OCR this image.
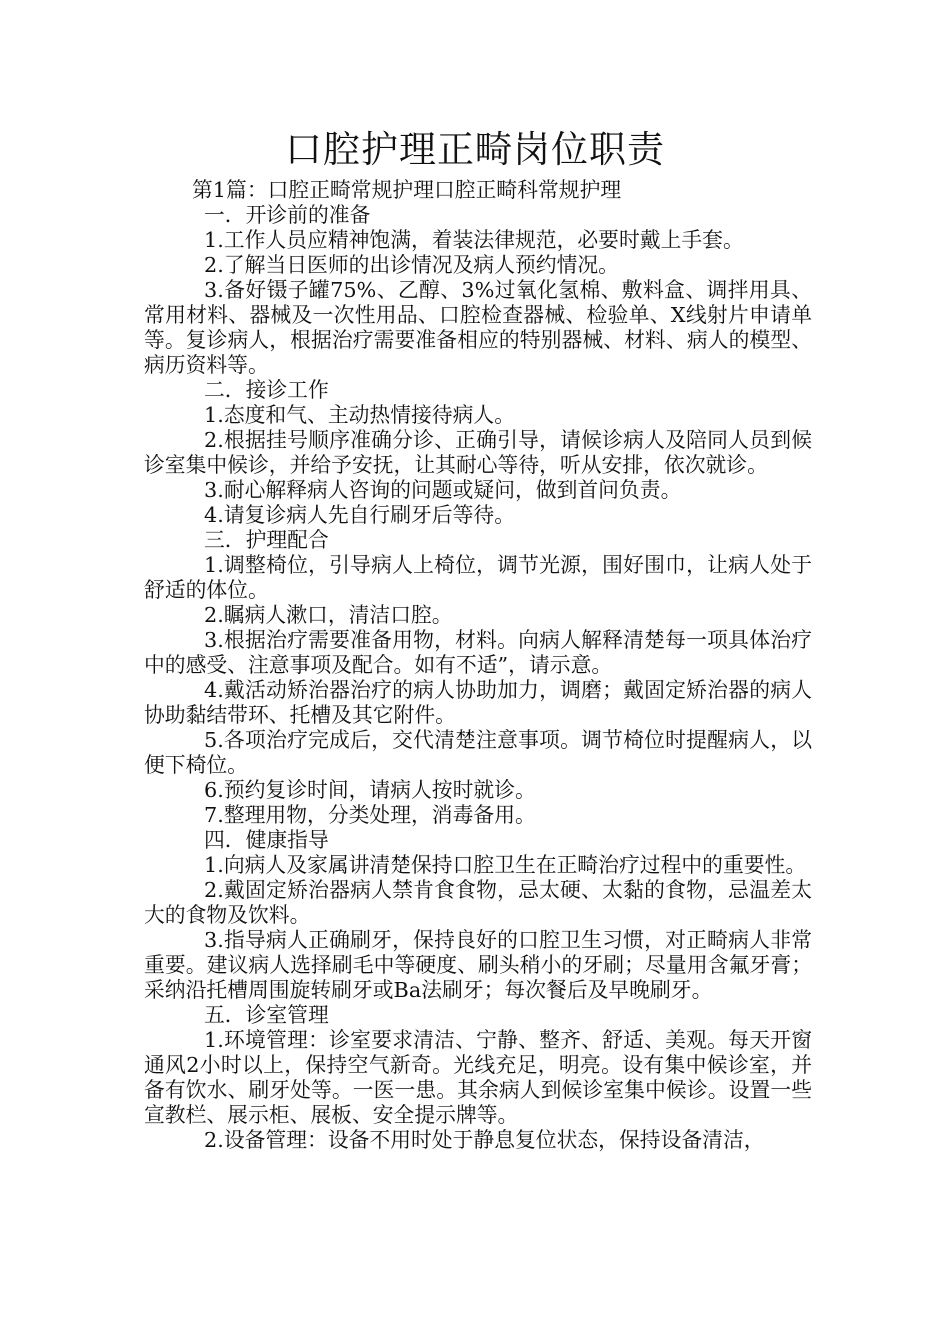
口腔护理正畸岗位职责

第1篇：口腔正畸常规护理口腔正畸科常规护理

一．开诊前的准备

1.工作人员应精神饱满，着装法律规范，必要时戴上手套。

2.了解当日医师的出诊情况及病人预约情况。

3.备好镊子罐75%、乙醇、3%过氧化氢棉、敷料盒、调拌用具、常用材料、器械及一次性用品、口腔检查器械、检验单、X线射片申请单等。复诊病人，根据治疗需要准备相应的特别器械、材料、病人的模型、病历资料等。

二．接诊工作

1.态度和气、主动热情接待病人。

2.根据挂号顺序准确分诊、正确引导，请候诊病人及陪同人员到候诊室集中候诊，并给予安抚，让其耐心等待，听从安排，依次就诊。

3.耐心解释病人咨询的问题或疑问，做到首问负责。

4.请复诊病人先自行刷牙后等待。

三．护理配合

1.调整椅位，引导病人上椅位，调节光源，围好围巾，让病人处于舒适的体位。

2.瞩病人漱口，清洁口腔。

3.根据治疗需要准备用物，材料。向病人解释清楚每一项具体治疗中的感受、注意事项及配合。如有不适”，请示意。

4.戴活动矫治器治疗的病人协助加力，调磨；戴固定矫治器的病人协助黏结带环、托槽及其它附件。

5.各项治疗完成后，交代清楚注意事项。调节椅位时提醒病人，以便下椅位。

6.预约复诊时间，请病人按时就诊。

7.整理用物，分类处理，消毒备用。

四．健康指导

1.向病人及家属讲清楚保持口腔卫生在正畸治疗过程中的重要性。

2.戴固定矫治器病人禁肯食食物，忌太硬、太黏的食物，忌温差太大的食物及饮料。

3.指导病人正确刷牙，保持良好的口腔卫生习惯，对正畸病人非常重要。建议病人选择刷毛中等硬度、刷头稍小的牙刷；尽量用含氟牙膏；采纳沿托槽周围旋转刷牙或Ba法刷牙；每次餐后及早晚刷牙。

五．诊室管理

1.环境管理：诊室要求清洁、宁静、整齐、舒适、美观。每天开窗通风2小时以上，保持空气新奇。光线充足，明亮。设有集中候诊室，并备有饮水、刷牙处等。一医一患。其余病人到候诊室集中候诊。设置一些宣教栏、展示柜、展板、安全提示牌等。

2.设备管理：设备不用时处于静息复位状态，保持设备清洁，
